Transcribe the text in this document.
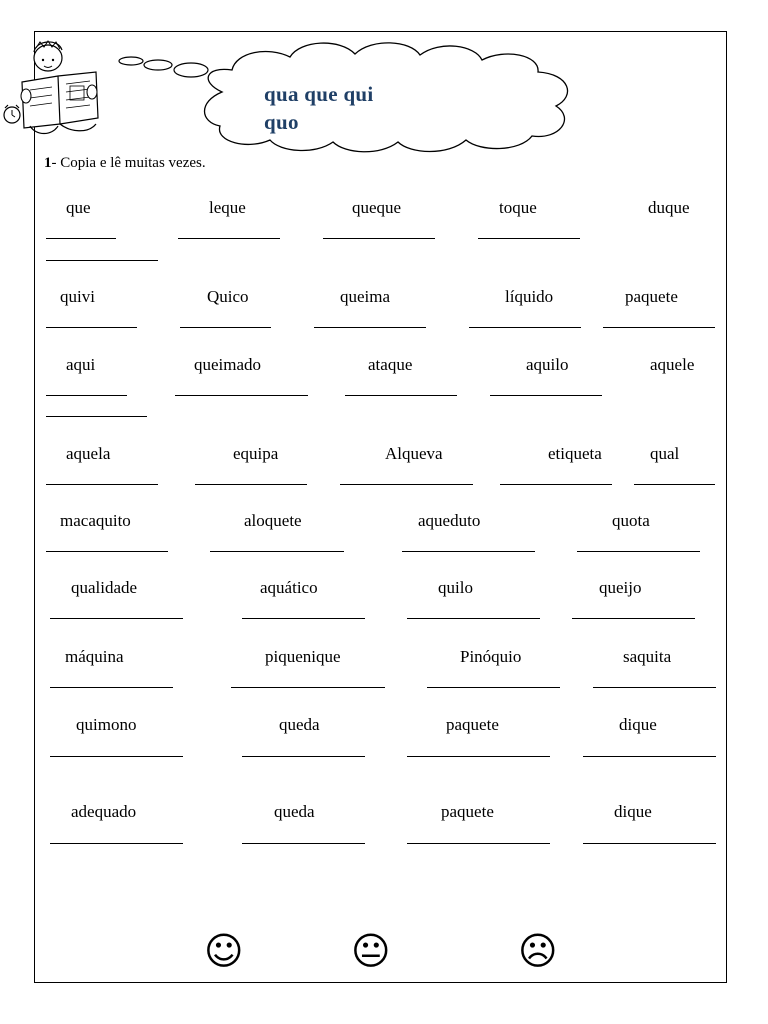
qua que qui
quo
1- Copia e lê muitas vezes.
que	leque	queque	toque	duque
quivi	Quico	queima	líquido	paquete
aqui	queimado	ataque	aquilo	aquele
aquela	equipa	Alqueva	etiqueta	qual
macaquito	aloquete	aqueduto	quota
qualidade	aquático	quilo	queijo
máquina	piquenique	Pinóquio	saquita
quimono	queda	paquete	dique
adequado	queda	paquete	dique
☺	😐	☹
